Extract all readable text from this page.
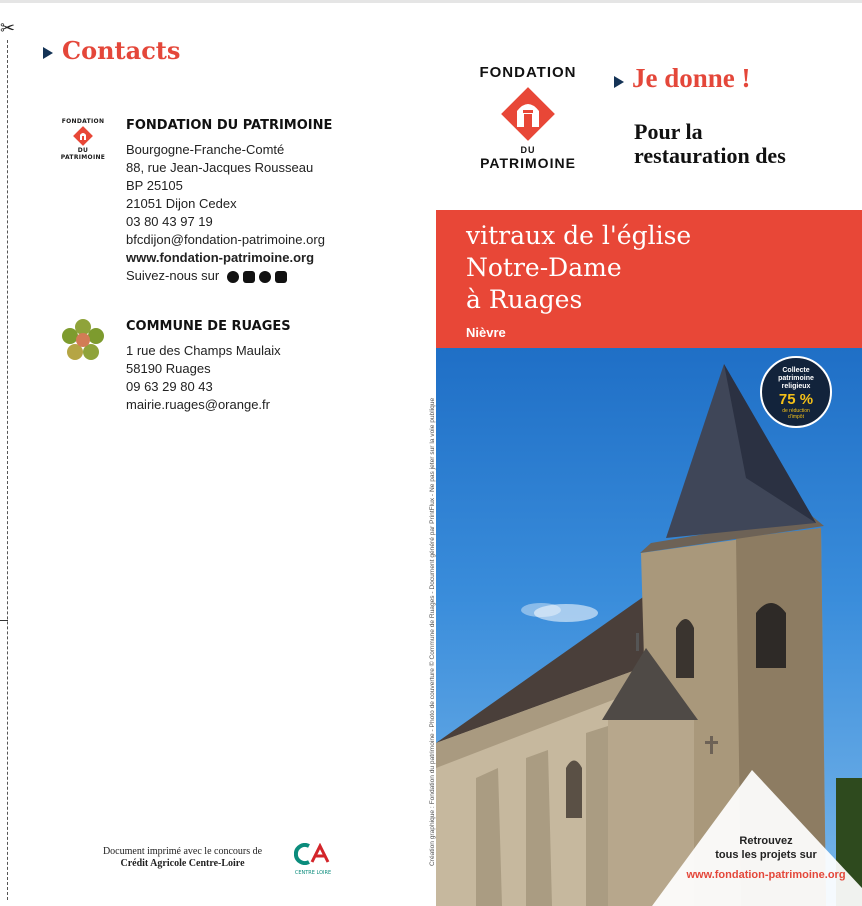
✂
Contacts
FONDATION
DU
PATRIMOINE
FONDATION DU PATRIMOINE
Bourgogne-Franche-Comté
88, rue Jean-Jacques Rousseau
BP 25105
21051 Dijon Cedex
03 80 43 97 19
bfcdijon@fondation-patrimoine.org
www.fondation-patrimoine.org
Suivez-nous sur
COMMUNE DE RUAGES
1 rue des Champs Maulaix
58190 Ruages
09 63 29 80 43
mairie.ruages@orange.fr
Document imprimé avec le concours de
Crédit Agricole Centre-Loire
CENTRE LOIRE
Création graphique : Fondation du patrimoine - Photo de couverture © Commune de Ruages - Document généré par PrintFlux - Ne pas jeter sur la voie publique
FONDATION
DU
PATRIMOINE
Je donne !
Pour la
restauration des
vitraux de l'église
Notre-Dame
à Ruages
Nièvre
Collecte
patrimoine
religieux
75 %
de réduction
d'impôt
Retrouvez
tous les projets sur
www.fondation-patrimoine.org
